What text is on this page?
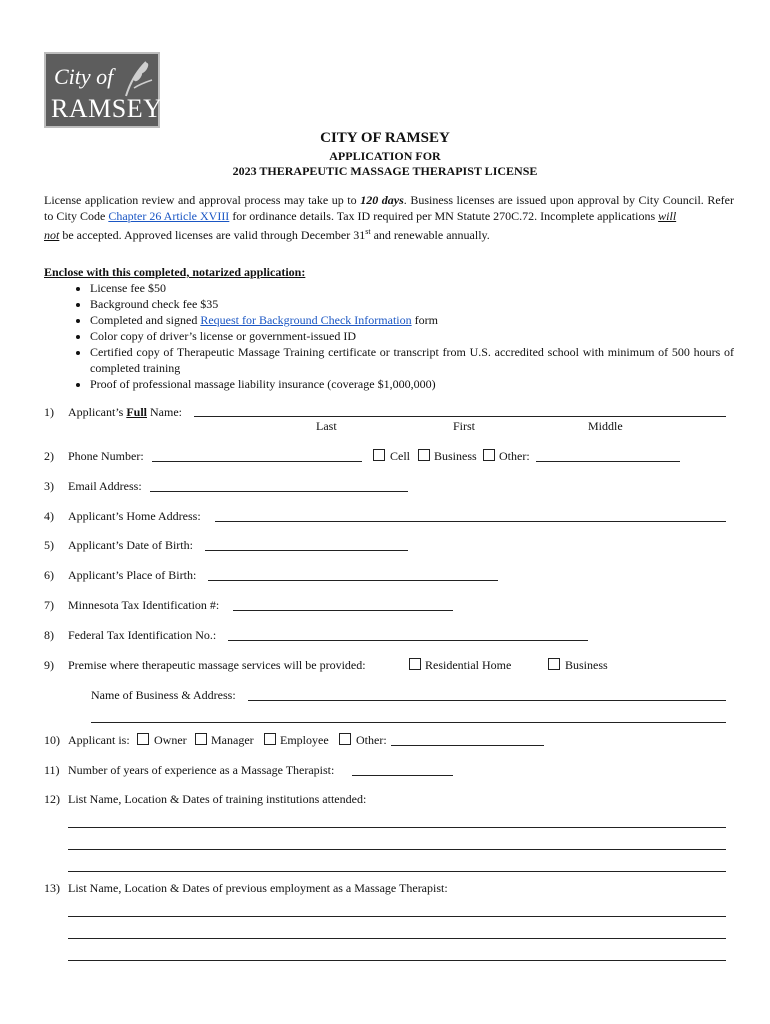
City of
RAMSEY
CITY OF RAMSEY
APPLICATION FOR
2023 THERAPEUTIC MASSAGE THERAPIST LICENSE
License application review and approval process may take up to 120 days. Business licenses are issued upon approval by City Council. Refer to City Code Chapter 26 Article XVIII for ordinance details. Tax ID required per MN Statute 270C.72. Incomplete applications will
not be accepted. Approved licenses are valid through December 31st and renewable annually.
Enclose with this completed, notarized application:
• License fee $50
• Background check fee $35
• Completed and signed Request for Background Check Information form
• Color copy of driver’s license or government-issued ID
• Certified copy of Therapeutic Massage Training certificate or transcript from U.S. accredited school with minimum of 500 hours of completed training
• Proof of professional massage liability insurance (coverage $1,000,000)
1) Applicant’s Full Name:
Last	First	Middle
2) Phone Number:	Cell Business Other:
3) Email Address:
4) Applicant’s Home Address:
5) Applicant’s Date of Birth:
6) Applicant’s Place of Birth:
7) Minnesota Tax Identification #:
8) Federal Tax Identification No.:
9) Premise where therapeutic massage services will be provided:	Residential Home	Business
Name of Business & Address:
10) Applicant is: Owner Manager Employee Other:
11) Number of years of experience as a Massage Therapist:
12) List Name, Location & Dates of training institutions attended:
13) List Name, Location & Dates of previous employment as a Massage Therapist:
